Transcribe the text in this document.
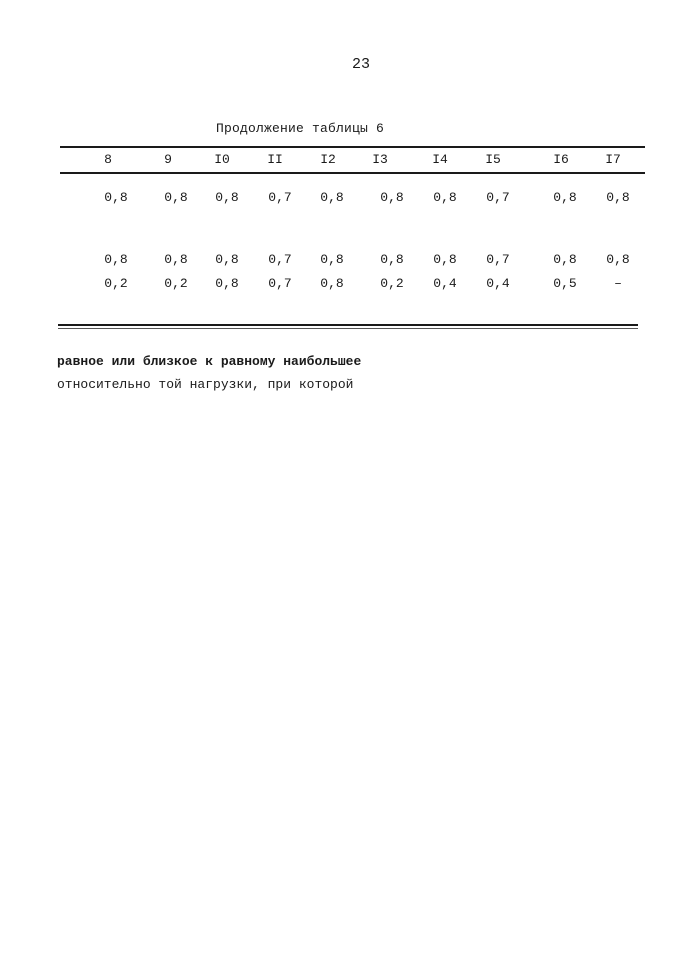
23
Продолжение таблицы 6
8	9	I0	II	I2	I3	I4	I5	I6	I7
0,8	0,8 0,8 0,7 0,8	0,8 0,8 0,7	0,8 0,8
0,8	0,8 0,8 0,7 0,8	0,8 0,8 0,7	0,8 0,8
0,2	0,2 0,8 0,7 0,8	0,2 0,4 0,4	0,5	–
равное или близкое к равному наибольшее
относительно той нагрузки, при которой
